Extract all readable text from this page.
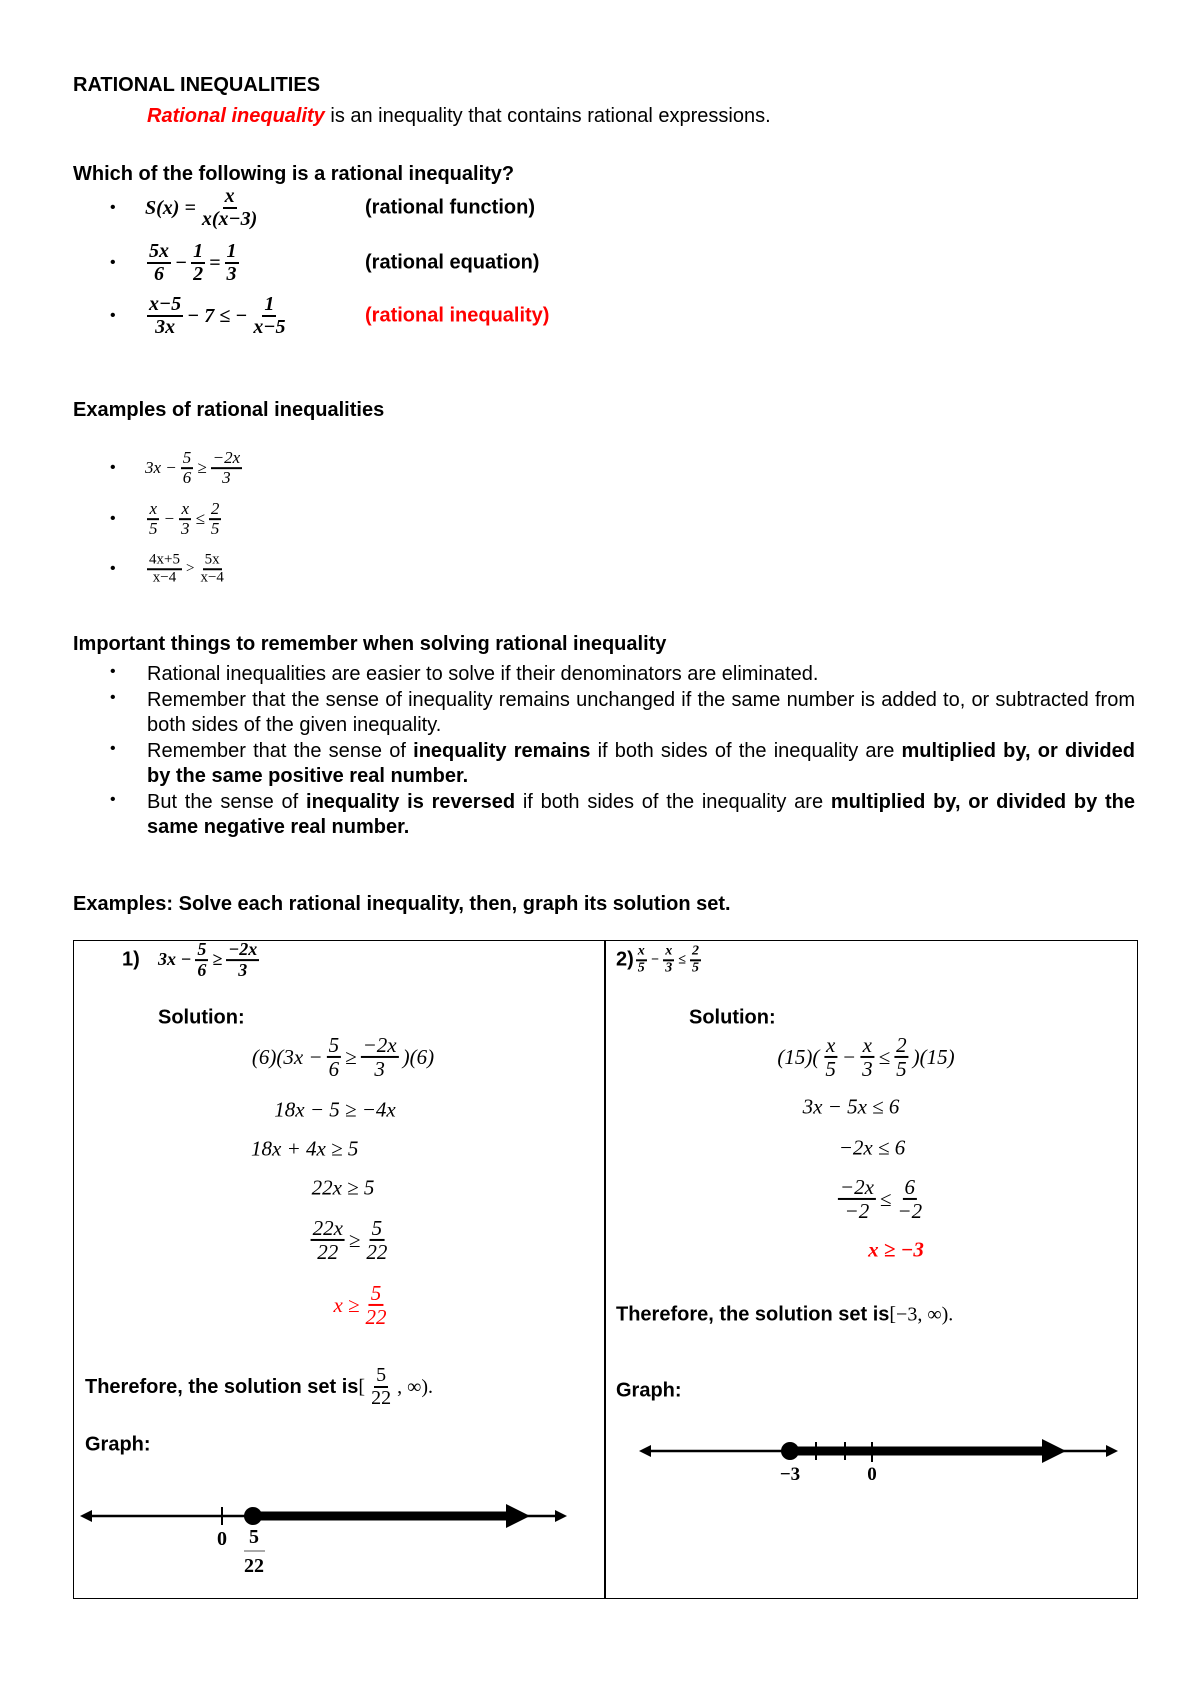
RATIONAL INEQUALITIES
Rational inequality is an inequality that contains rational expressions.
Which of the following is a rational inequality?
• $S(x) = \frac{x}{x(x-3)}$	(rational function)
• $\frac{5x}{6} - \frac{1}{2} = \frac{1}{3}$	(rational equation)
• $\frac{x-5}{3x} - 7$ ≤ − $\frac{1}{x-5}$	(rational inequality)
Examples of rational inequalities
• $3x - \frac{5}{6} \ge \frac{-2x}{3}$
• $\frac{x}{5} - \frac{x}{3} \le \frac{2}{5}$
• $\frac{4x+5}{x-4} > \frac{5x}{x-4}$
Important things to remember when solving rational inequality
• Rational inequalities are easier to solve if their denominators are eliminated.
• Remember that the sense of inequality remains unchanged if the same number is added to, or subtracted from both sides of the given inequality.
• Remember that the sense of inequality remains if both sides of the inequality are multiplied by, or divided by the same positive real number.
• But the sense of inequality is reversed if both sides of the inequality are multiplied by, or divided by the same negative real number.
Examples: Solve each rational inequality, then, graph its solution set.
1) $3x - \frac{5}{6} \ge \frac{-2x}{3}$
Solution:
$(6)(3x - \frac{5}{6} \ge \frac{-2x}{3} )(6)$
18x − 5 ≥ −4x
18x + 4x ≥ 5
22x ≥ 5
$\frac{22x}{22} \ge \frac{5}{22}$
$x \ge \frac{5}{22}$
Therefore, the solution set is [ $\frac{5}{22}$ , ∞).
Graph:
0 5
22
$2) \frac{x}{5} - \frac{x}{3} \le \frac{2}{5}$
Solution:
$(15)( \frac{x}{5} - \frac{x}{3} \le \frac{2}{5} )(15)$
3x − 5x ≤ 6
−2x ≤ 6
$\frac{-2x}{-2} \le \frac{6}{-2}$
x ≥ −3
Therefore, the solution set is [−3, ∞).
Graph:
−3	0
